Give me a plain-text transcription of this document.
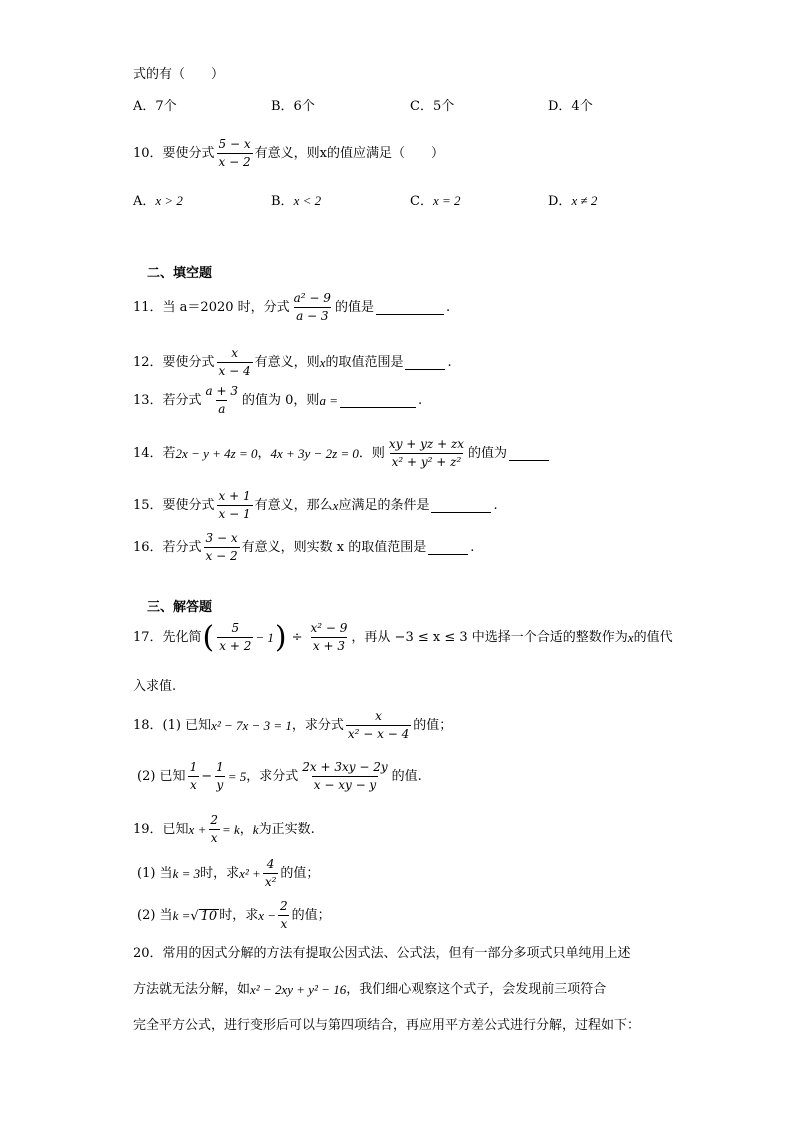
式的有（　　）
A．7个	B．6个	C．5个	D．4个
10．要使分式 $\frac{5 - x}{x - 2}$ 有意义，则x的值应满足（　　）
A．x > 2	B．x < 2	C．x = 2	D．x ≠ 2
二、填空题
11．当 a＝2020 时，分式 $\frac{\text{a² − 9}}{a - 3}$ 的值是	.
12．要使分式 $\frac{x}{x - 4}$ 有意义，则 x 的取值范围是	.
13．若分式 $\frac{a + 3}{a}$ 的值为 0，则 a =	.
14．若 2x − y + 4z = 0 ， 4x + 3y − 2z = 0 ．则 $\frac{xy + yz + zx}{\text{x² + y² + z²}}$ 的值为
15．要使分式 $\frac{x + 1}{x - 1}$ 有意义，那么 x 应满足的条件是	.
16．若分式 $\frac{3 - x}{x - 2}$ 有意义，则实数 x 的取值范围是	.
三、解答题
17．先化简 ( $\frac{5}{x + 2} - 1$ ) ÷ $\frac{\text{x² − 9}}{x + 3}$ ，再从 −3 ≤ x ≤ 3 中选择一个合适的整数作为 x 的值代
入求值.
18．(1) 已知 x² − 7x − 3 = 1 ，求分式 $\frac{x}{\text{x² − x − 4}}$ 的值；
(2) 已知 $\frac{1}{x} - \frac{1}{y} = 5$ ，求分式 $\frac{2x + 3xy - 2y}{x - xy - y}$ 的值.
19．已知 $x + \frac{2}{x} = k$ ， k 为正实数.
(1) 当 k = 3 时，求 $x^2 + \frac{4}{\text{x²}}$ 的值；
(2) 当 k = √ 10 时，求 $x - \frac{2}{x}$ 的值；
20．常用的因式分解的方法有提取公因式法、公式法，但有一部分多项式只单纯用上述
方法就无法分解，如 x² − 2xy + y² − 16 ，我们细心观察这个式子，会发现前三项符合
完全平方公式，进行变形后可以与第四项结合，再应用平方差公式进行分解，过程如下：
